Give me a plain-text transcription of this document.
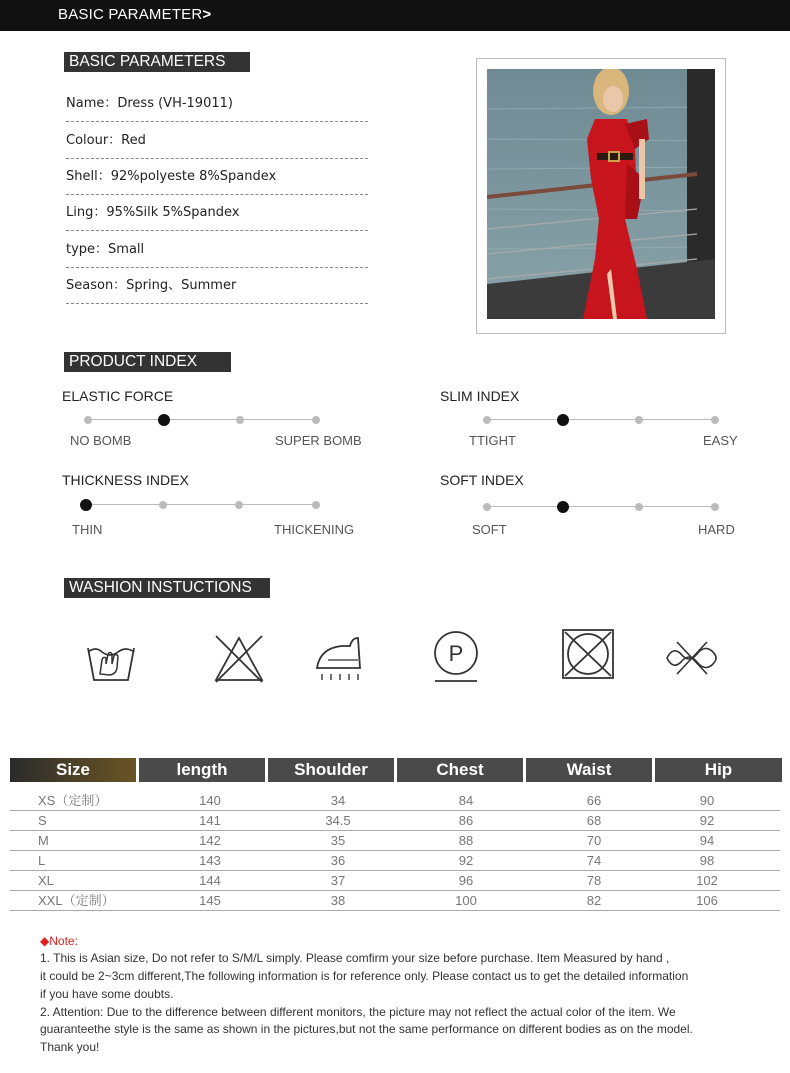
BASIC PARAMETER>
BASIC PARAMETERS
Name：Dress (VH-19011)
Colour：Red
Shell：92%polyeste 8%Spandex
Ling：95%Silk 5%Spandex
type：Small
Season：Spring、Summer
PRODUCT INDEX
ELASTIC FORCE
NO BOMB	SUPER BOMB
SLIM INDEX
TTIGHT	EASY
THICKNESS INDEX
THIN	THICKENING
SOFT INDEX
SOFT	HARD
WASHION INSTUCTIONS
P
Size	length	Shoulder	Chest	Waist	Hip
XS（定制）	140	34	84	66	90
S	141	34.5	86	68	92
M	142	35	88	70	94
L	143	36	92	74	98
XL	144	37	96	78	102
XXL（定制）	145	38	100	82	106
◆Note:
1. This is Asian size, Do not refer to S/M/L simply. Please comfirm your size before purchase. Item Measured by hand ,
it could be 2~3cm different,The following information is for reference only. Please contact us to get the detailed information
if you have some doubts.
2. Attention: Due to the difference between different monitors, the picture may not reflect the actual color of the item. We
guaranteethe style is the same as shown in the pictures,but not the same performance on different bodies as on the model.
Thank you!
